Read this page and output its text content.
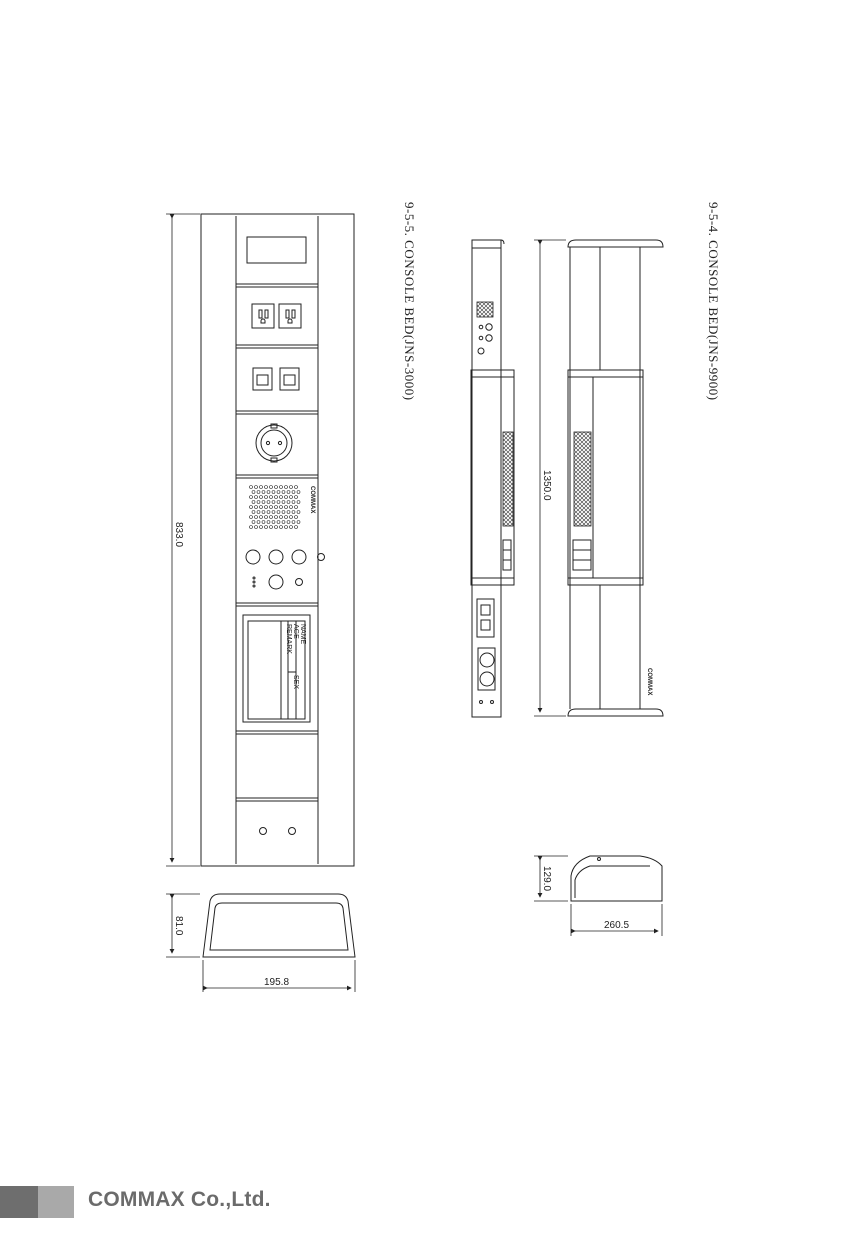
NAME
AGE
REMARK
SEX
COMMAX
833.0
81.0
195.8
9-5-5. CONSOLE BED(JNS-3000)
COMMAX
1350.0
9-5-4. CONSOLE BED(JNS-9900)
129.0
260.5
COMMAX Co.,Ltd.
